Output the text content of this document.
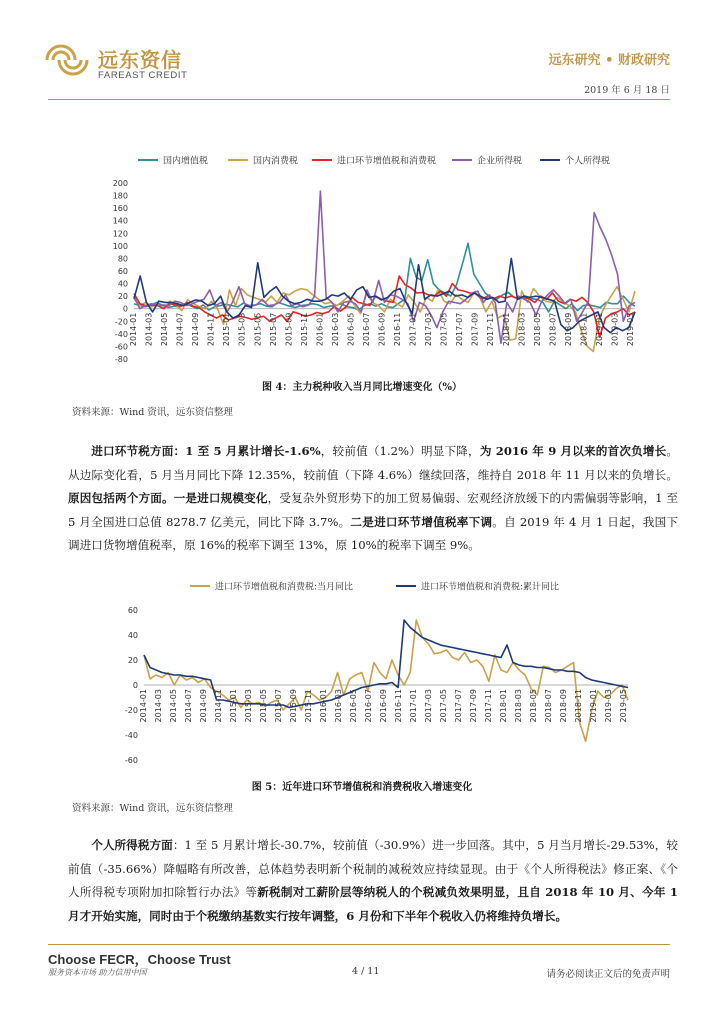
远东资信
FAREAST CREDIT
远东研究 • 财政研究
2019 年 6 月 18 日
国内增值税	国内消费税	进口环节增值税和消费税	企业所得税	个人所得税
-80
-60
-40
-20
0
20
40
60
80
100
120
140
160
180
200
2014-01 2014-03 2014-05 2014-07 2014-09 2014-11 2015-01 2015-03 2015-05 2015-07 2015-09 2015-11 2016-01 2016-03 2016-05 2016-07 2016-09 2016-11 2017-01 2017-03 2017-05 2017-07 2017-09 2017-11 2018-01 2018-03 2018-05 2018-07 2018-09 2018-11 2019-01 2019-03 2019-05
图 4：主力税种收入当月同比增速变化（%）
资料来源：Wind 资讯，远东资信整理
进口环节税方面：1 至 5 月累计增长-1.6%，较前值（1.2%）明显下降，为 2016 年 9 月以来的首次负增长。从边际变化看，5 月当月同比下降 12.35%，较前值（下降 4.6%）继续回落，维持自 2018 年 11 月以来的负增长。原因包括两个方面。一是进口规模变化，受复杂外贸形势下的加工贸易偏弱、宏观经济放缓下的内需偏弱等影响，1 至 5 月全国进口总值 8278.7 亿美元，同比下降 3.7%。二是进口环节增值税率下调。自 2019 年 4 月 1 日起，我国下调进口货物增值税率，原 16%的税率下调至 13%，原 10%的税率下调至 9%。
进口环节增值税和消费税:当月同比	进口环节增值税和消费税:累计同比
-60
-40
-20
0
20
40
60
2014-01 2014-03 2014-05 2014-07 2014-09 2014-11 2015-01 2015-03 2015-05 2015-07 2015-09 2015-11 2016-01 2016-03 2016-05 2016-07 2016-09 2016-11 2017-01 2017-03 2017-05 2017-07 2017-09 2017-11 2018-01 2018-03 2018-05 2018-07 2018-09 2018-11 2019-01 2019-03 2019-05
图 5：近年进口环节增值税和消费税收入增速变化
资料来源：Wind 资讯，远东资信整理
个人所得税方面：1 至 5 月累计增长-30.7%，较前值（-30.9%）进一步回落。其中，5 月当月增长-29.53%，较前值（-35.66%）降幅略有所改善，总体趋势表明新个税制的减税效应持续显现。由于《个人所得税法》修正案、《个人所得税专项附加扣除暂行办法》等新税制对工薪阶层等纳税人的个税减负效果明显，且自 2018 年 10 月、今年 1 月才开始实施，同时由于个税缴纳基数实行按年调整，6 月份和下半年个税收入仍将维持负增长。
Choose FECR，Choose Trust
服务资本市场 助力信用中国	4 / 11	请务必阅读正文后的免责声明
